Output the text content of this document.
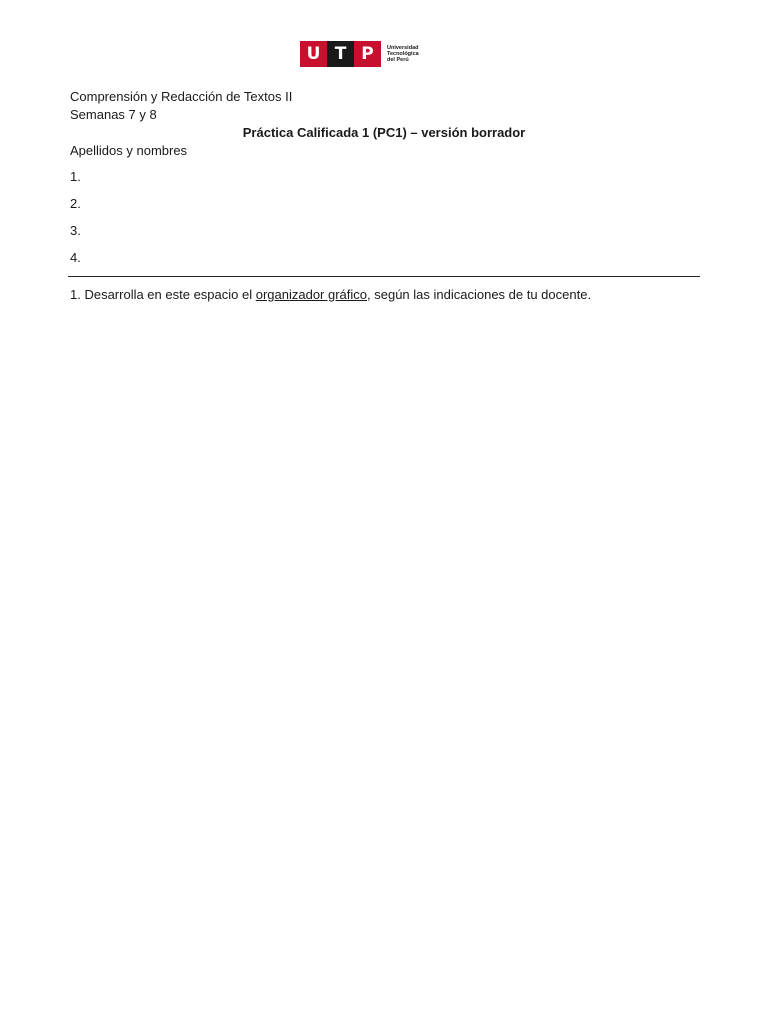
U T P	Universidad
Tecnológica
del Perú
Comprensión y Redacción de Textos II
Semanas 7 y 8
Práctica Calificada 1 (PC1) – versión borrador
Apellidos y nombres
1.
2.
3.
4.
1. Desarrolla en este espacio el organizador gráfico, según las indicaciones de tu docente.
